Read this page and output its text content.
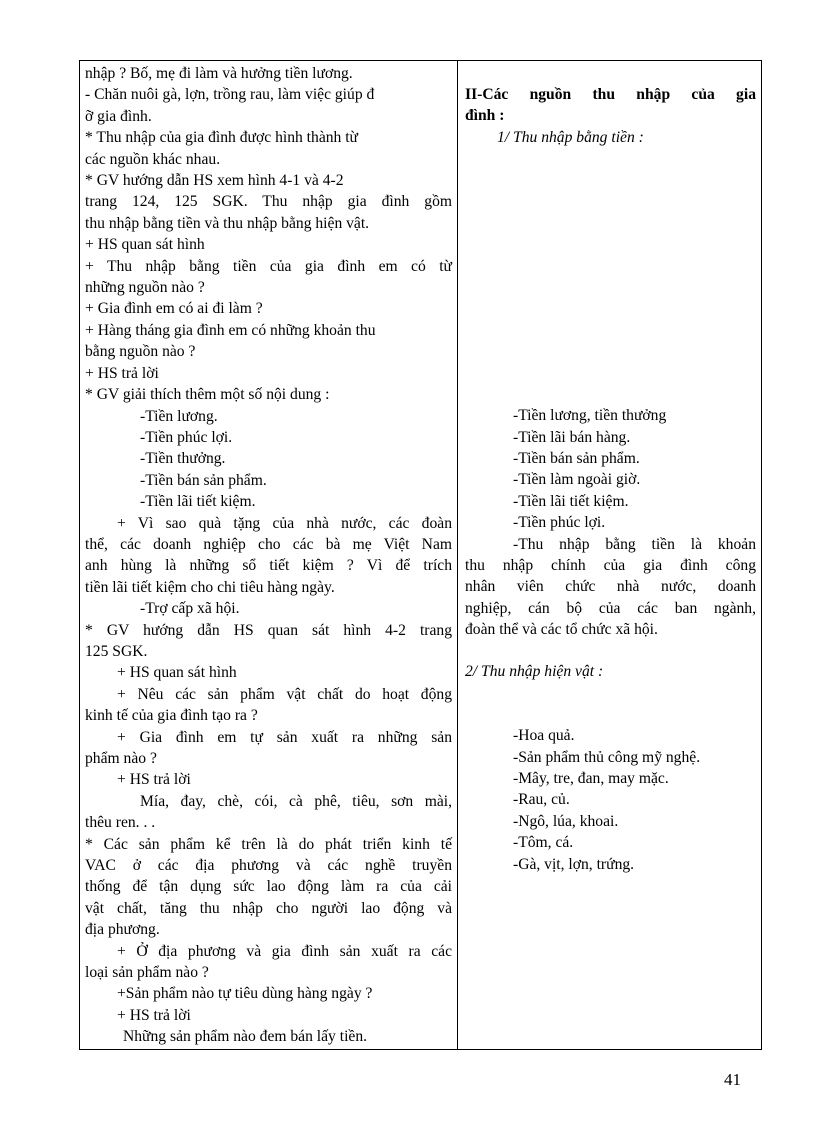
nhập ? Bố, mẹ đi làm và hưởng tiền lương.
- Chăn nuôi gà, lợn, trồng rau, làm việc giúp đ
ỡ gia đình.
* Thu nhập của gia đình được hình thành từ
các nguồn khác nhau.
* GV hướng dẫn HS xem hình 4-1 và 4-2
trang 124, 125 SGK. Thu nhập gia đình gồm
thu nhập bằng tiền và thu nhập bằng hiện vật.
+ HS quan sát hình
+ Thu nhập bằng tiền của gia đình em có từ
những nguồn nào ?
+ Gia đình em có ai đi làm ?
+ Hàng tháng gia đình em có những khoản thu
bằng nguồn nào ?
+ HS trả lời
* GV giải thích thêm một số nội dung :
-Tiền lương.
-Tiền phúc lợi.
-Tiền thưởng.
-Tiền bán sản phẩm.
-Tiền lãi tiết kiệm.
+ Vì sao quà tặng của nhà nước, các đoàn
thể, các doanh nghiệp cho các bà mẹ Việt Nam
anh hùng là những sổ tiết kiệm ? Vì để trích
tiền lãi tiết kiệm cho chi tiêu hàng ngày.
-Trợ cấp xã hội.
* GV hướng dẫn HS quan sát hình 4-2 trang
125 SGK.
+ HS quan sát hình
+ Nêu các sản phẩm vật chất do hoạt động
kinh tế của gia đình tạo ra ?
+ Gia đình em tự sản xuất ra những sản
phẩm nào ?
+ HS trả lời
Mía, đay, chè, cói, cà phê, tiêu, sơn mài,
thêu ren. . .
* Các sản phẩm kể trên là do phát triển kinh tế
VAC ở các địa phương và các nghề truyền
thống để tận dụng sức lao động làm ra của cải
vật chất, tăng thu nhập cho người lao động và
địa phương.
+ Ở địa phương và gia đình sản xuất ra các
loại sản phẩm nào ?
+Sản phẩm nào tự tiêu dùng hàng ngày ?
+ HS trả lời
Những sản phẩm nào đem bán lấy tiền.
II-Các nguồn thu nhập của gia
đình :
1/ Thu nhập bằng tiền :
-Tiền lương, tiền thưởng
-Tiền lãi bán hàng.
-Tiền bán sản phẩm.
-Tiền làm ngoài giờ.
-Tiền lãi tiết kiệm.
-Tiền phúc lợi.
-Thu nhập bằng tiền là khoản
thu nhập chính của gia đình công
nhân viên chức nhà nước, doanh
nghiệp, cán bộ của các ban ngành,
đoàn thể và các tổ chức xã hội.
2/ Thu nhập hiện vật :
-Hoa quả.
-Sản phẩm thủ công mỹ nghệ.
-Mây, tre, đan, may mặc.
-Rau, củ.
-Ngô, lúa, khoai.
-Tôm, cá.
-Gà, vịt, lợn, trứng.
41
